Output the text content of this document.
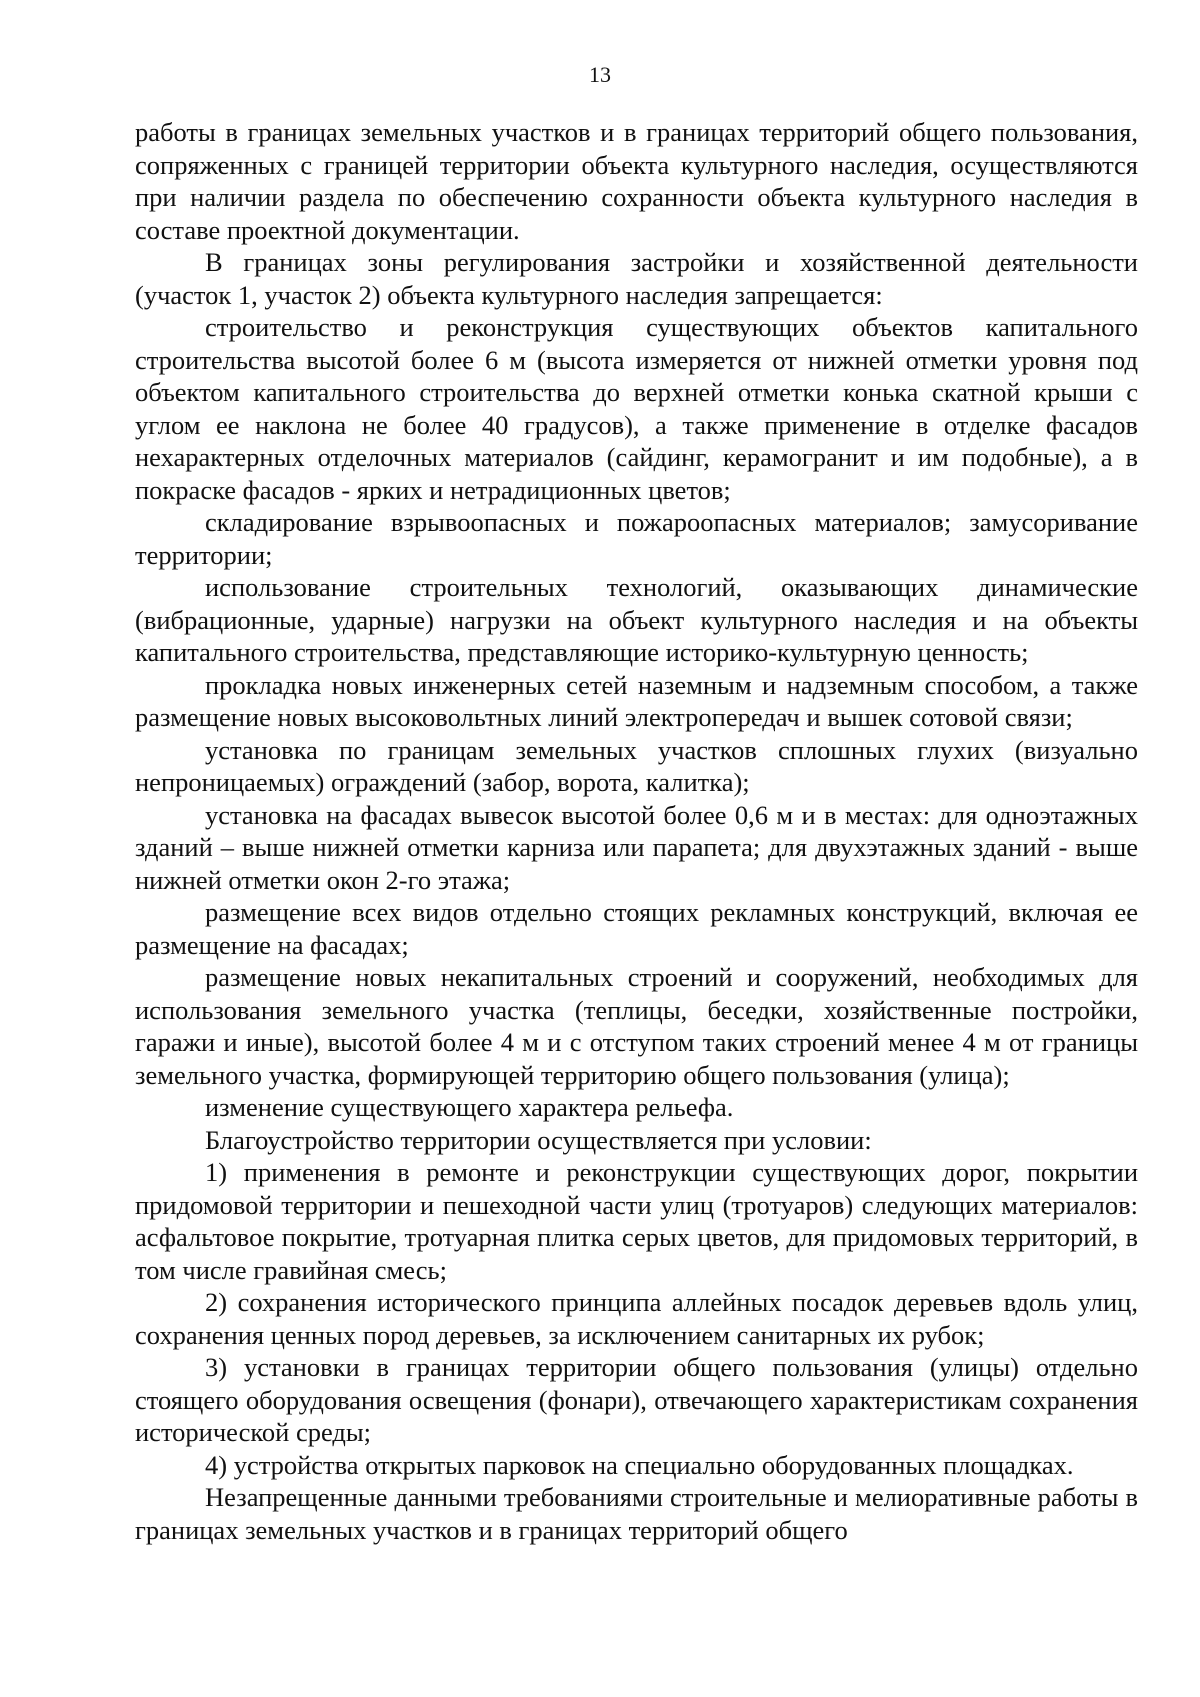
13

работы в границах земельных участков и в границах территорий общего пользования, сопряженных с границей территории объекта культурного наследия, осуществляются при наличии раздела по обеспечению сохранности объекта культурного наследия в составе проектной документации.

В границах зоны регулирования застройки и хозяйственной деятельности (участок 1, участок 2) объекта культурного наследия запрещается:

строительство и реконструкция существующих объектов капитального строительства высотой более 6 м (высота измеряется от нижней отметки уровня под объектом капитального строительства до верхней отметки конька скатной крыши с углом ее наклона не более 40 градусов), а также применение в отделке фасадов нехарактерных отделочных материалов (сайдинг, керамогранит и им подобные), а в покраске фасадов - ярких и нетрадиционных цветов;

складирование взрывоопасных и пожароопасных материалов; замусоривание территории;

использование строительных технологий, оказывающих динамические (вибрационные, ударные) нагрузки на объект культурного наследия и на объекты капитального строительства, представляющие историко-культурную ценность;

прокладка новых инженерных сетей наземным и надземным способом, а также размещение новых высоковольтных линий электропередач и вышек сотовой связи;

установка по границам земельных участков сплошных глухих (визуально непроницаемых) ограждений (забор, ворота, калитка);

установка на фасадах вывесок высотой более 0,6 м и в местах: для одноэтажных зданий – выше нижней отметки карниза или парапета; для двухэтажных зданий - выше нижней отметки окон 2-го этажа;

размещение всех видов отдельно стоящих рекламных конструкций, включая ее размещение на фасадах;

размещение новых некапитальных строений и сооружений, необходимых для использования земельного участка (теплицы, беседки, хозяйственные постройки, гаражи и иные), высотой более 4 м и с отступом таких строений менее 4 м от границы земельного участка, формирующей территорию общего пользования (улица);

изменение существующего характера рельефа.

Благоустройство территории осуществляется при условии:

1) применения в ремонте и реконструкции существующих дорог, покрытии придомовой территории и пешеходной части улиц (тротуаров) следующих материалов: асфальтовое покрытие, тротуарная плитка серых цветов, для придомовых территорий, в том числе гравийная смесь;

2) сохранения исторического принципа аллейных посадок деревьев вдоль улиц, сохранения ценных пород деревьев, за исключением санитарных их рубок;

3) установки в границах территории общего пользования (улицы) отдельно стоящего оборудования освещения (фонари), отвечающего характеристикам сохранения исторической среды;

4) устройства открытых парковок на специально оборудованных площадках.

Незапрещенные данными требованиями строительные и мелиоративные работы в границах земельных участков и в границах территорий общего
